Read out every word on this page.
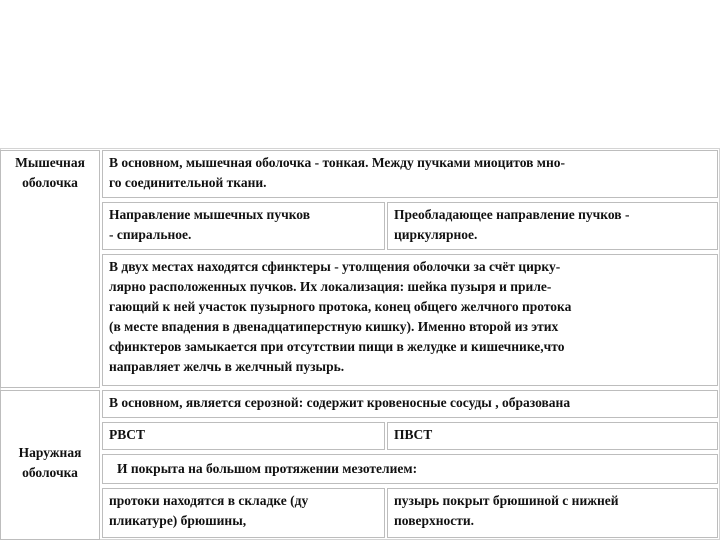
Мышечная
оболочка
В основном, мышечная оболочка - тонкая. Между пучками миоцитов мно-
го соединительной ткани.
Направление мышечных пучков
- спиральное.
Преобладающее направление пучков -
циркулярное.
В двух местах находятся сфинктеры - утолщения оболочки за счёт цирку-
лярно расположенных пучков. Их локализация: шейка пузыря и приле-
гающий к ней участок пузырного протока, конец общего желчного протока
(в месте впадения в двенадцатиперстную кишку). Именно второй из этих
сфинктеров замыкается при отсутствии пищи в желудке и кишечнике,что
направляет желчь в желчный пузырь.
Наружная
оболочка
В основном, является серозной: содержит кровеносные сосуды , образована
РВСТ	ПВСТ
И покрыта на большом протяжении мезотелием:
протоки находятся в складке (ду
пликатуре) брюшины,
пузырь покрыт брюшиной с нижней
поверхности.
